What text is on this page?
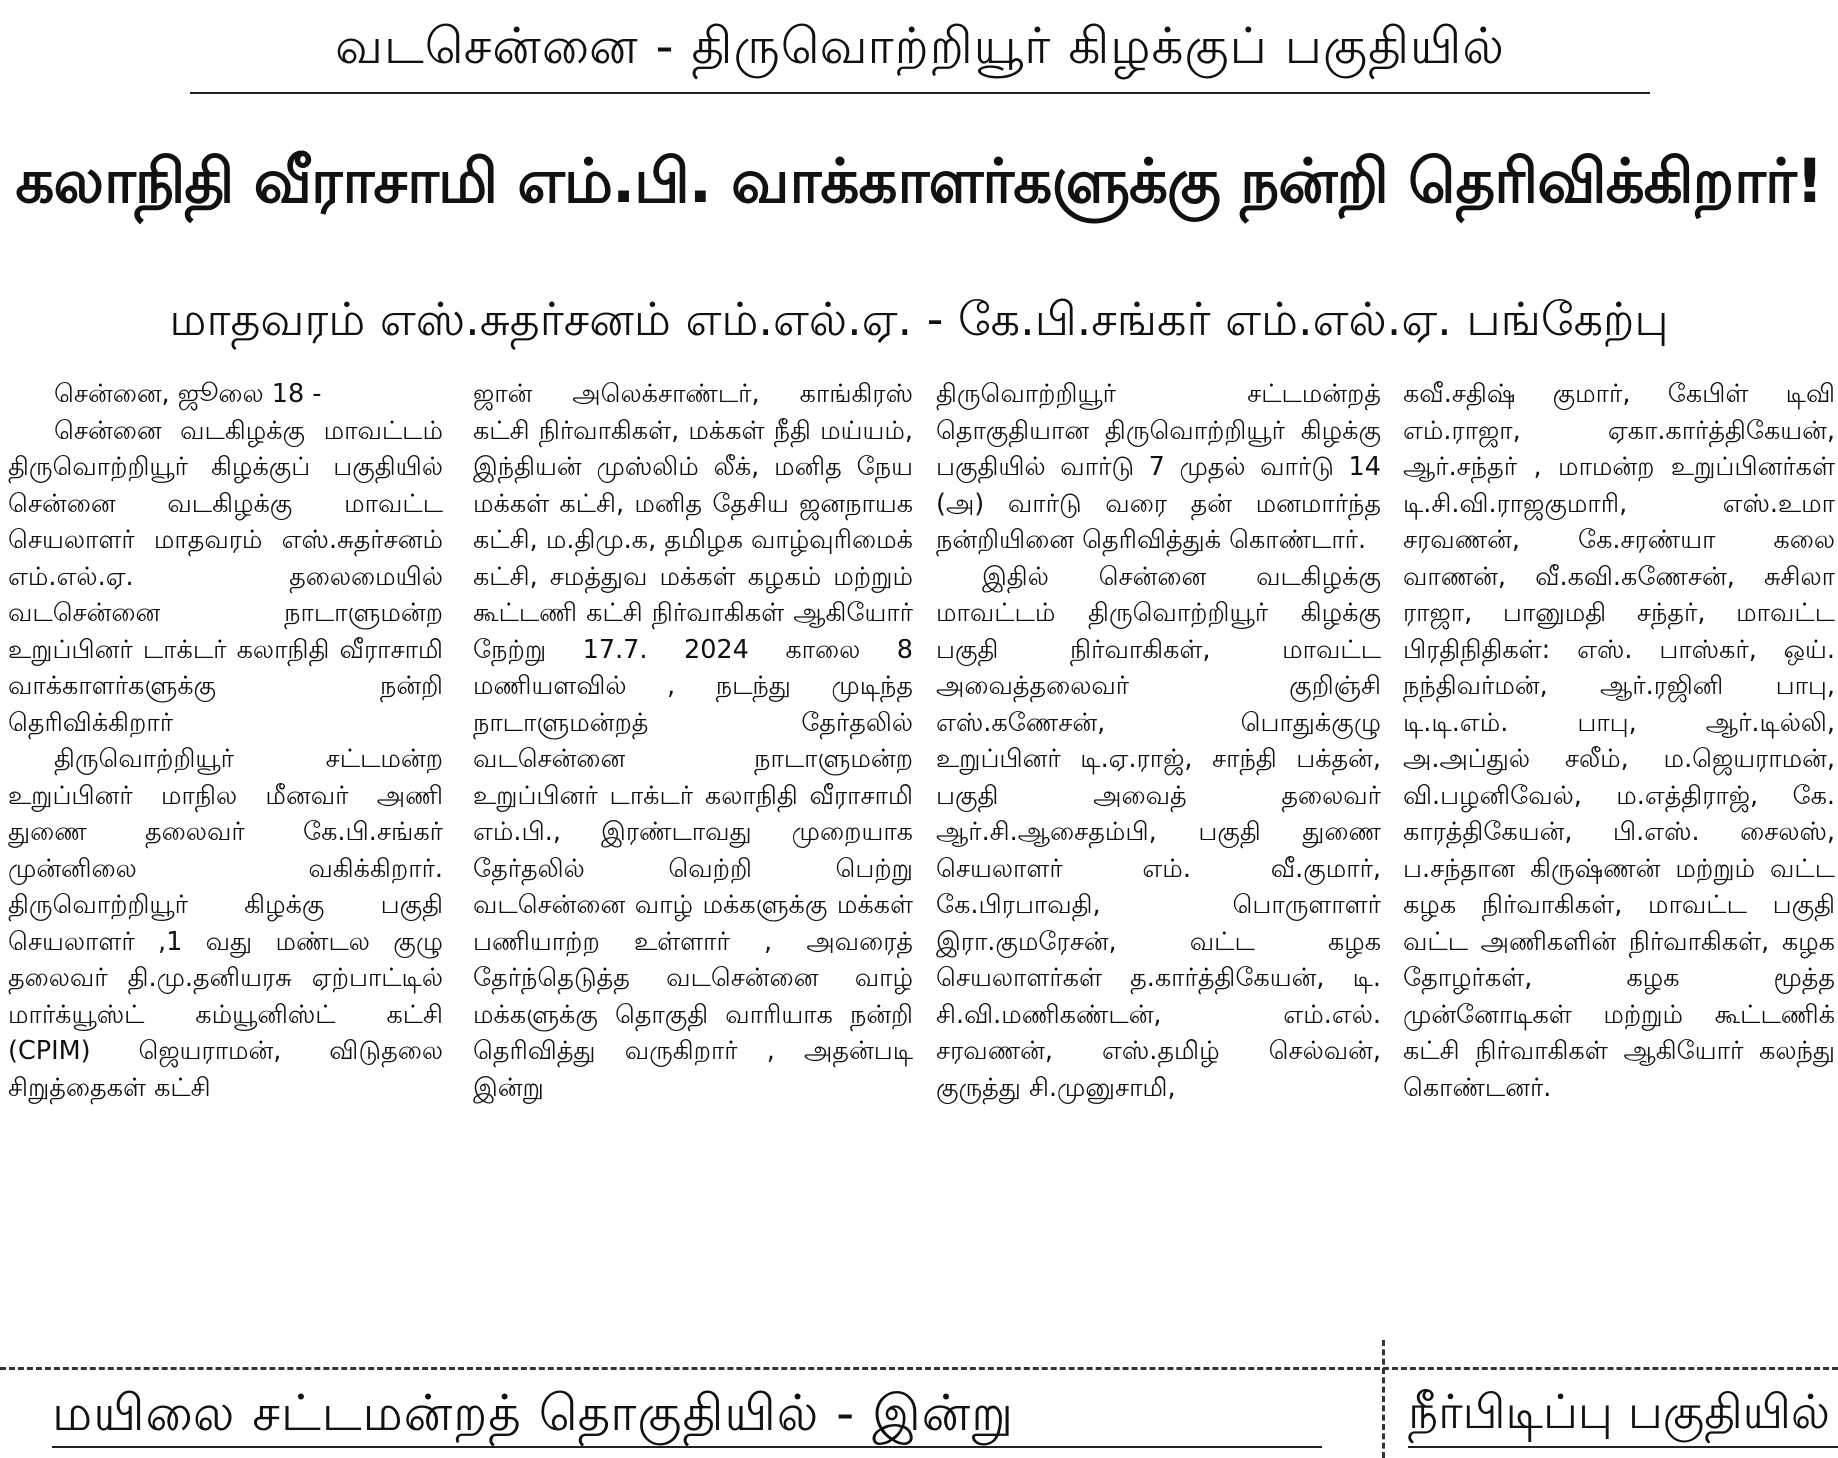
வடசென்னை - திருவொற்றியூர் கிழக்குப் பகுதியில்
கலாநிதி வீராசாமி எம்.பி. வாக்காளர்களுக்கு நன்றி தெரிவிக்கிறார்!
மாதவரம் எஸ்.சுதர்சனம் எம்.எல்.ஏ. - கே.பி.சங்கர் எம்.எல்.ஏ. பங்கேற்பு

சென்னை, ஜூலை 18 -

சென்னை வடகிழக்கு மாவட்டம் திருவொற்றியூர் கிழக்குப் பகுதியில் சென்னை வடகிழக்கு மாவட்ட செயலாளர் மாதவரம் எஸ்.சுதர்சனம் எம்.எல்.ஏ. தலைமையில் வடசென்னை நாடாளுமன்ற உறுப்பினர் டாக்டர் கலாநிதி வீராசாமி வாக்காளர்களுக்கு நன்றி தெரிவிக்கிறார்

திருவொற்றியூர் சட்டமன்ற உறுப்பினர் மாநில மீனவர் அணி துணை தலைவர் கே.பி.சங்கர் முன்னிலை வகிக்கிறார். திருவொற்றியூர் கிழக்கு பகுதி செயலாளர் ,1 வது மண்டல குழு தலைவர் தி.மு.தனியரசு ஏற்பாட்டில் மார்க்யூஸ்ட் கம்யூனிஸ்ட் கட்சி (CPIM) ஜெயராமன், விடுதலை சிறுத்தைகள் கட்சி

ஜான் அலெக்சாண்டர், காங்கிரஸ் கட்சி நிர்வாகிகள், மக்கள் நீதி மய்யம், இந்தியன் முஸ்லிம் லீக், மனித நேய மக்கள் கட்சி, மனித தேசிய ஜனநாயக கட்சி, ம.திமு.க, தமிழக வாழ்வுரிமைக் கட்சி, சமத்துவ மக்கள் கழகம் மற்றும் கூட்டணி கட்சி நிர்வாகிகள் ஆகியோர் நேற்று 17.7. 2024 காலை 8 மணியளவில் , நடந்து முடிந்த நாடாளுமன்றத் தேர்தலில் வடசென்னை நாடாளுமன்ற உறுப்பினர் டாக்டர் கலாநிதி வீராசாமி எம்.பி., இரண்டாவது முறையாக தேர்தலில் வெற்றி பெற்று வடசென்னை வாழ் மக்களுக்கு மக்கள் பணியாற்ற உள்ளார் , அவரைத் தேர்ந்தெடுத்த வடசென்னை வாழ் மக்களுக்கு தொகுதி வாரியாக நன்றி தெரிவித்து வருகிறார் , அதன்படி இன்று

திருவொற்றியூர் சட்டமன்றத் தொகுதியான திருவொற்றியூர் கிழக்கு பகுதியில் வார்டு 7 முதல் வார்டு 14 (அ) வார்டு வரை தன் மனமார்ந்த நன்றியினை தெரிவித்துக் கொண்டார்.

இதில் சென்னை வடகிழக்கு மாவட்டம் திருவொற்றியூர் கிழக்கு பகுதி நிர்வாகிகள், மாவட்ட அவைத்தலைவர் குறிஞ்சி எஸ்.கணேசன், பொதுக்குழு உறுப்பினர் டி.ஏ.ராஜ், சாந்தி பக்தன், பகுதி அவைத் தலைவர் ஆர்.சி.ஆசைதம்பி, பகுதி துணை செயலாளர் எம். வீ.குமார், கே.பிரபாவதி, பொருளாளர் இரா.குமரேசன், வட்ட கழக செயலாளர்கள் த.கார்த்திகேயன், டி. சி.வி.மணிகண்டன், எம்.எல். சரவணன், எஸ்.தமிழ் செல்வன், குருத்து சி.முனுசாமி,

கவீ.சதிஷ் குமார், கேபிள் டிவி எம்.ராஜா, ஏகா.கார்த்திகேயன், ஆர்.சந்தர் , மாமன்ற உறுப்பினர்கள் டி.சி.வி.ராஜகுமாரி, எஸ்.உமா சரவணன், கே.சரண்யா கலை வாணன், வீ.கவி.கணேசன், சுசிலா ராஜா, பானுமதி சந்தர், மாவட்ட பிரதிநிதிகள்: எஸ். பாஸ்கர், ஒய். நந்திவர்மன், ஆர்.ரஜினி பாபு, டி.டி.எம். பாபு, ஆர்.டில்லி, அ.அப்துல் சலீம், ம.ஜெயராமன், வி.பழனிவேல், ம.எத்திராஜ், கே. காரத்திகேயன், பி.எஸ். சைலஸ், ப.சந்தான கிருஷ்ணன் மற்றும் வட்ட கழக நிர்வாகிகள், மாவட்ட பகுதி வட்ட அணிகளின் நிர்வாகிகள், கழக தோழர்கள், கழக மூத்த முன்னோடிகள் மற்றும் கூட்டணிக் கட்சி நிர்வாகிகள் ஆகியோர் கலந்து கொண்டனர்.

மயிலை சட்டமன்றத் தொகுதியில் - இன்று	நீர்பிடிப்பு பகுதியில்
